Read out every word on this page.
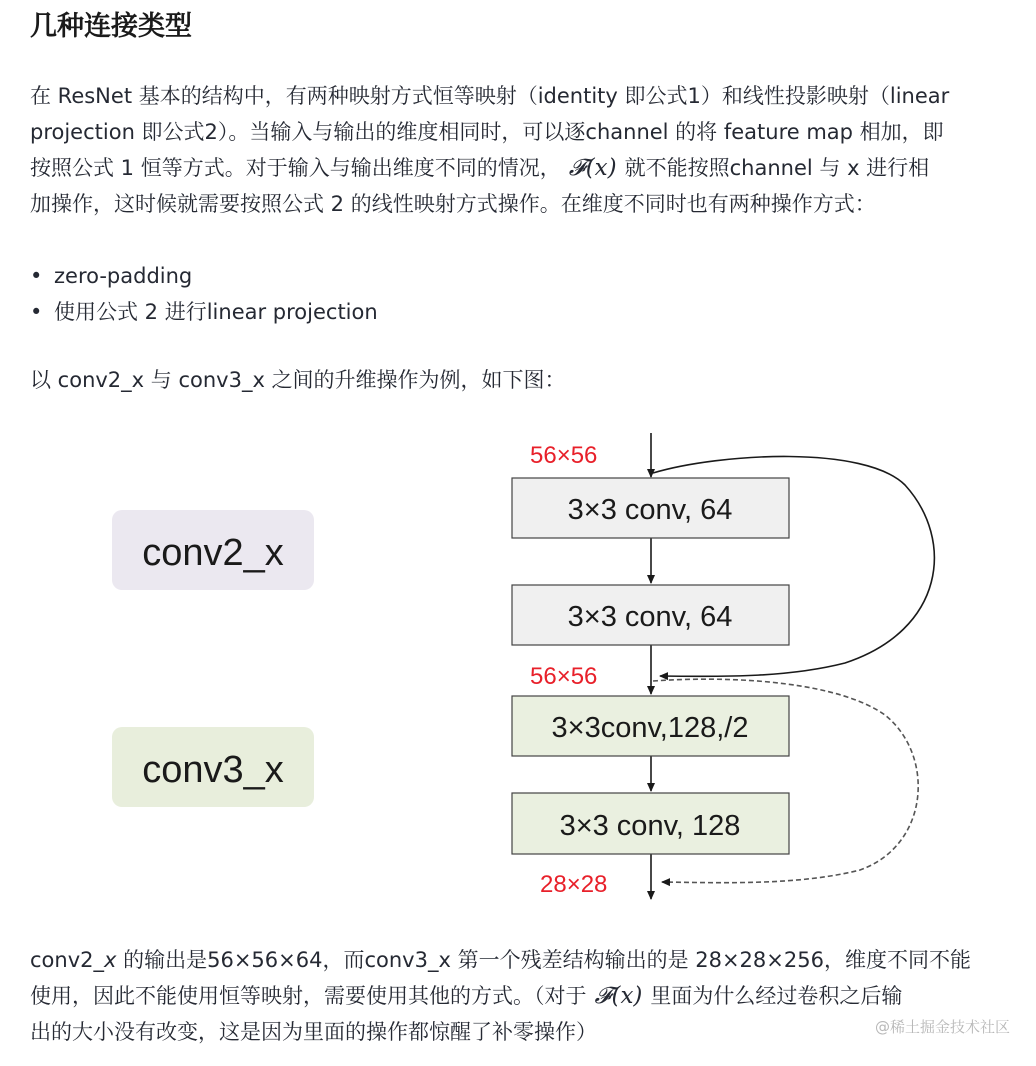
几种连接类型
在 ResNet 基本的结构中，有两种映射方式恒等映射（identity 即公式1）和线性投影映射（linear
projection 即公式2）。当输入与输出的维度相同时，可以逐channel 的将 feature map 相加，即
按照公式 1 恒等方式。对于输入与输出维度不同的情况， 𝓕(x) 就不能按照channel 与 x 进行相
加操作，这时候就需要按照公式 2 的线性映射方式操作。在维度不同时也有两种操作方式：
• zero-padding
• 使用公式 2 进行linear projection
以 conv2_x 与 conv3_x 之间的升维操作为例，如下图：
conv2_x
conv3_x
56×56
56×56
28×28
3×3 conv, 64
3×3 conv, 64
3×3conv,128,/2
3×3 conv, 128
conv2_x 的输出是56×56×64，而conv3_x 第一个残差结构输出的是 28×28×256，维度不同不能
使用，因此不能使用恒等映射，需要使用其他的方式。（对于 𝓕(x) 里面为什么经过卷积之后输
出的大小没有改变，这是因为里面的操作都惊醒了补零操作）	@稀土掘金技术社区
